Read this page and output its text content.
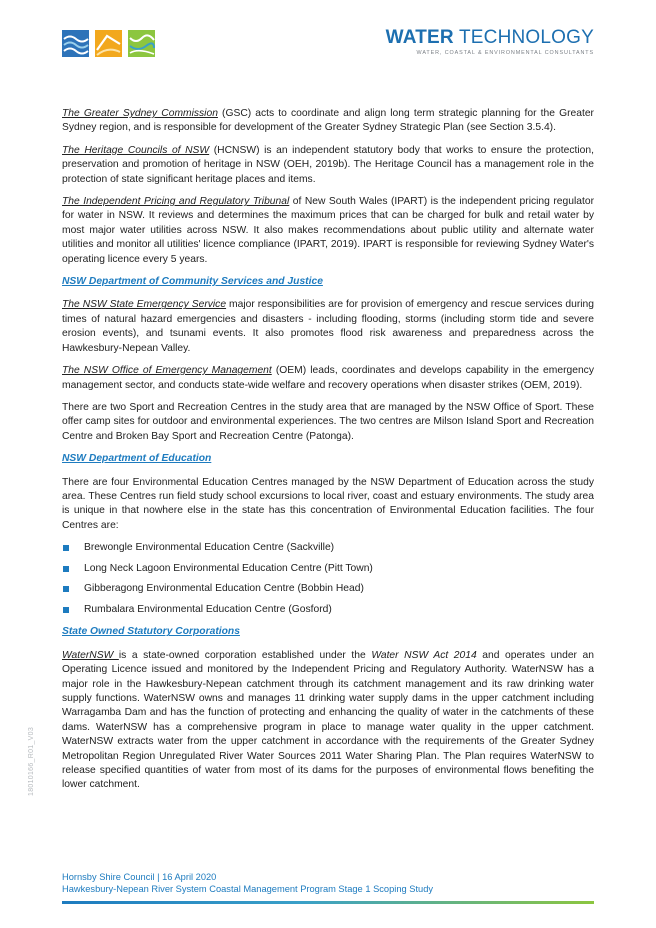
WATER TECHNOLOGY
WATER, COASTAL & ENVIRONMENTAL CONSULTANTS

The Greater Sydney Commission (GSC) acts to coordinate and align long term strategic planning for the Greater Sydney region, and is responsible for development of the Greater Sydney Strategic Plan (see Section 3.5.4).

The Heritage Councils of NSW (HCNSW) is an independent statutory body that works to ensure the protection, preservation and promotion of heritage in NSW (OEH, 2019b). The Heritage Council has a management role in the protection of state significant heritage places and items.

The Independent Pricing and Regulatory Tribunal of New South Wales (IPART) is the independent pricing regulator for water in NSW. It reviews and determines the maximum prices that can be charged for bulk and retail water by most major water utilities across NSW. It also makes recommendations about public utility and alternate water utilities and monitor all utilities' licence compliance (IPART, 2019). IPART is responsible for reviewing Sydney Water's operating licence every 5 years.

NSW Department of Community Services and Justice

The NSW State Emergency Service major responsibilities are for provision of emergency and rescue services during times of natural hazard emergencies and disasters - including flooding, storms (including storm tide and severe erosion events), and tsunami events. It also promotes flood risk awareness and preparedness across the Hawkesbury-Nepean Valley.

The NSW Office of Emergency Management (OEM) leads, coordinates and develops capability in the emergency management sector, and conducts state-wide welfare and recovery operations when disaster strikes (OEM, 2019).

There are two Sport and Recreation Centres in the study area that are managed by the NSW Office of Sport. These offer camp sites for outdoor and environmental experiences. The two centres are Milson Island Sport and Recreation Centre and Broken Bay Sport and Recreation Centre (Patonga).

NSW Department of Education

There are four Environmental Education Centres managed by the NSW Department of Education across the study area. These Centres run field study school excursions to local river, coast and estuary environments. The study area is unique in that nowhere else in the state has this concentration of Environmental Education facilities. The four Centres are:

Brewongle Environmental Education Centre (Sackville)
Long Neck Lagoon Environmental Education Centre (Pitt Town)
Gibberagong Environmental Education Centre (Bobbin Head)
Rumbalara Environmental Education Centre (Gosford)
State Owned Statutory Corporations

WaterNSW is a state-owned corporation established under the Water NSW Act 2014 and operates under an Operating Licence issued and monitored by the Independent Pricing and Regulatory Authority. WaterNSW has a major role in the Hawkesbury-Nepean catchment through its catchment management and its raw drinking water supply functions. WaterNSW owns and manages 11 drinking water supply dams in the upper catchment including Warragamba Dam and has the function of protecting and enhancing the quality of water in the catchments of these dams. WaterNSW has a comprehensive program in place to manage water quality in the upper catchment. WaterNSW extracts water from the upper catchment in accordance with the requirements of the Greater Sydney Metropolitan Region Unregulated River Water Sources 2011 Water Sharing Plan. The Plan requires WaterNSW to release specified quantities of water from most of its dams for the purposes of environmental flows benefiting the lower catchment.

18010166_R01_V03
Hornsby Shire Council | 16 April 2020
Hawkesbury-Nepean River System Coastal Management Program Stage 1 Scoping Study
